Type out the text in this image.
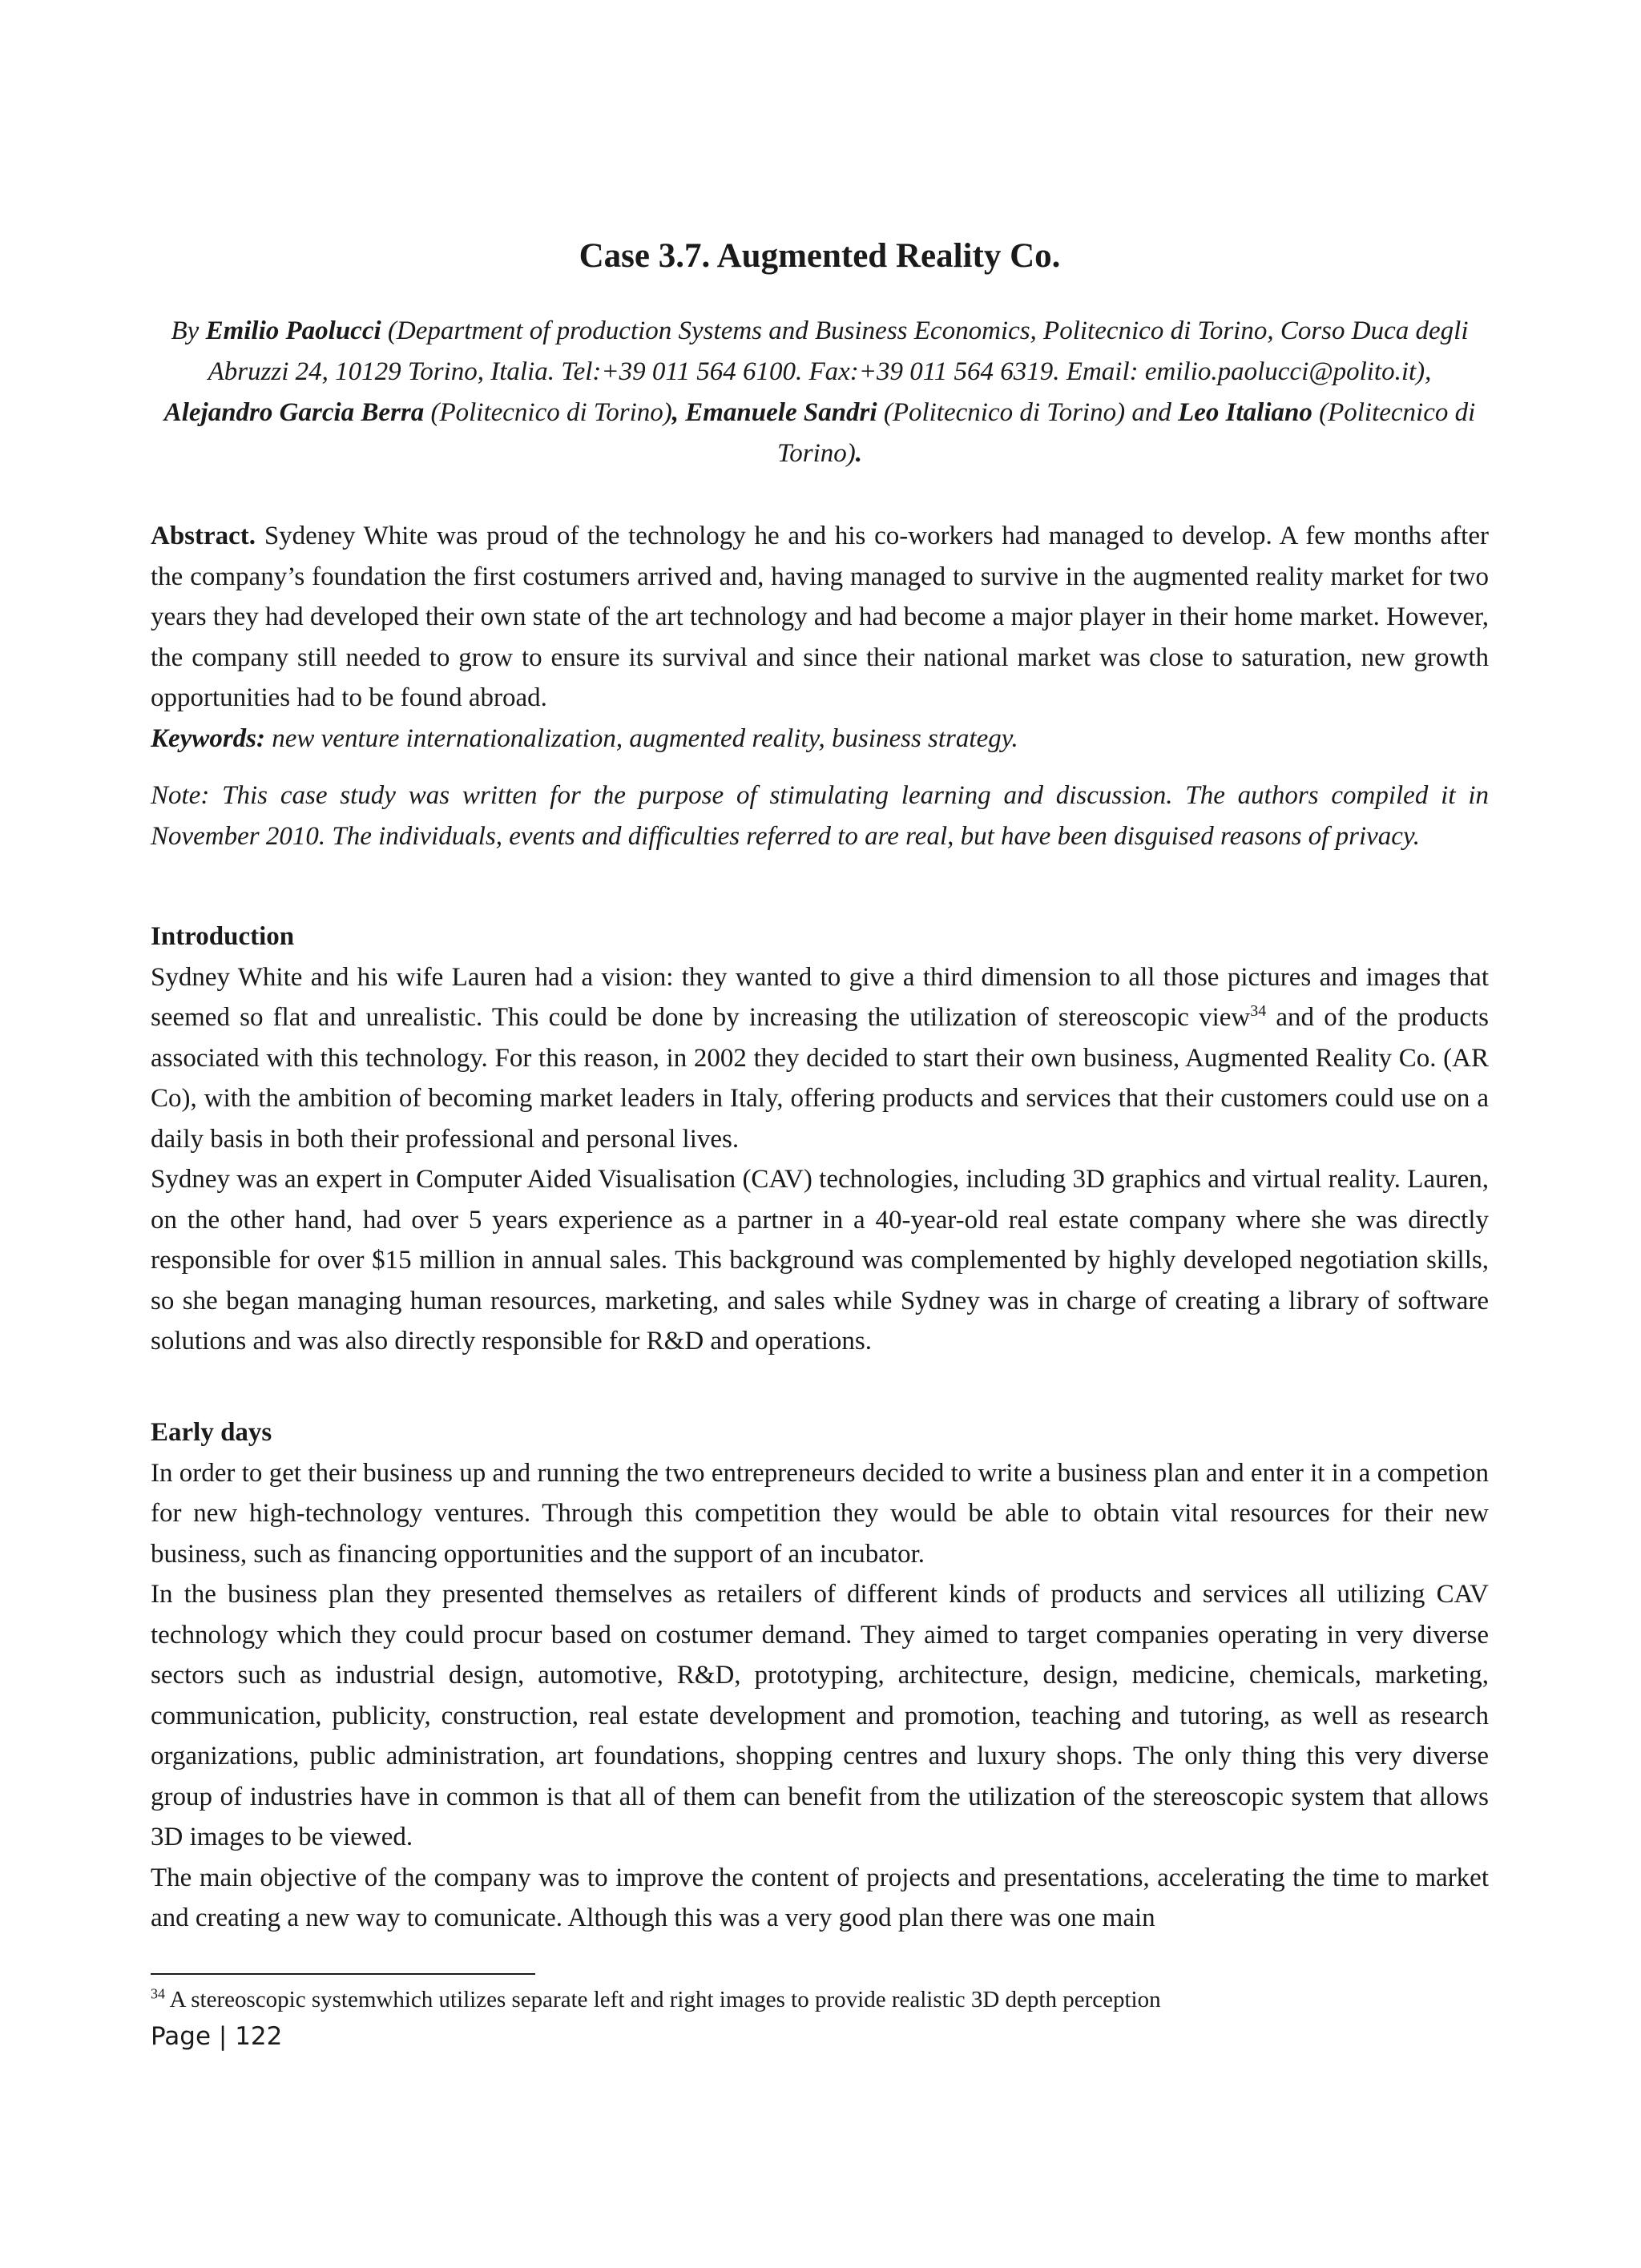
Case 3.7. Augmented Reality Co.
By Emilio Paolucci (Department of production Systems and Business Economics, Politecnico di Torino, Corso Duca degli Abruzzi 24, 10129 Torino, Italia. Tel:+39 011 564 6100. Fax:+39 011 564 6319. Email: emilio.paolucci@polito.it), Alejandro Garcia Berra (Politecnico di Torino), Emanuele Sandri (Politecnico di Torino) and Leo Italiano (Politecnico di Torino).

Abstract. Sydeney White was proud of the technology he and his co-workers had managed to develop. A few months after the company’s foundation the first costumers arrived and, having managed to survive in the augmented reality market for two years they had developed their own state of the art technology and had become a major player in their home market. However, the company still needed to grow to ensure its survival and since their national market was close to saturation, new growth opportunities had to be found abroad.

Keywords: new venture internationalization, augmented reality, business strategy.

Note: This case study was written for the purpose of stimulating learning and discussion. The authors compiled it in November 2010. The individuals, events and difficulties referred to are real, but have been disguised reasons of privacy.
Introduction

Sydney White and his wife Lauren had a vision: they wanted to give a third dimension to all those pictures and images that seemed so flat and unrealistic. This could be done by increasing the utilization of stereoscopic view$^{34}$ and of the products associated with this technology. For this reason, in 2002 they decided to start their own business, Augmented Reality Co. (AR Co), with the ambition of becoming market leaders in Italy, offering products and services that their customers could use on a daily basis in both their professional and personal lives.

Sydney was an expert in Computer Aided Visualisation (CAV) technologies, including 3D graphics and virtual reality. Lauren, on the other hand, had over 5 years experience as a partner in a 40-year-old real estate company where she was directly responsible for over $15 million in annual sales. This background was complemented by highly developed negotiation skills, so she began managing human resources, marketing, and sales while Sydney was in charge of creating a library of software solutions and was also directly responsible for R&D and operations.

Early days

In order to get their business up and running the two entrepreneurs decided to write a business plan and enter it in a competion for new high-technology ventures. Through this competition they would be able to obtain vital resources for their new business, such as financing opportunities and the support of an incubator.

In the business plan they presented themselves as retailers of different kinds of products and services all utilizing CAV technology which they could procur based on costumer demand. They aimed to target companies operating in very diverse sectors such as industrial design, automotive, R&D, prototyping, architecture, design, medicine, chemicals, marketing, communication, publicity, construction, real estate development and promotion, teaching and tutoring, as well as research organizations, public administration, art foundations, shopping centres and luxury shops. The only thing this very diverse group of industries have in common is that all of them can benefit from the utilization of the stereoscopic system that allows 3D images to be viewed.

The main objective of the company was to improve the content of projects and presentations, accelerating the time to market and creating a new way to comunicate. Although this was a very good plan there was one main

$^{34}$ A stereoscopic systemwhich utilizes separate left and right images to provide realistic 3D depth perception
Page | 122
